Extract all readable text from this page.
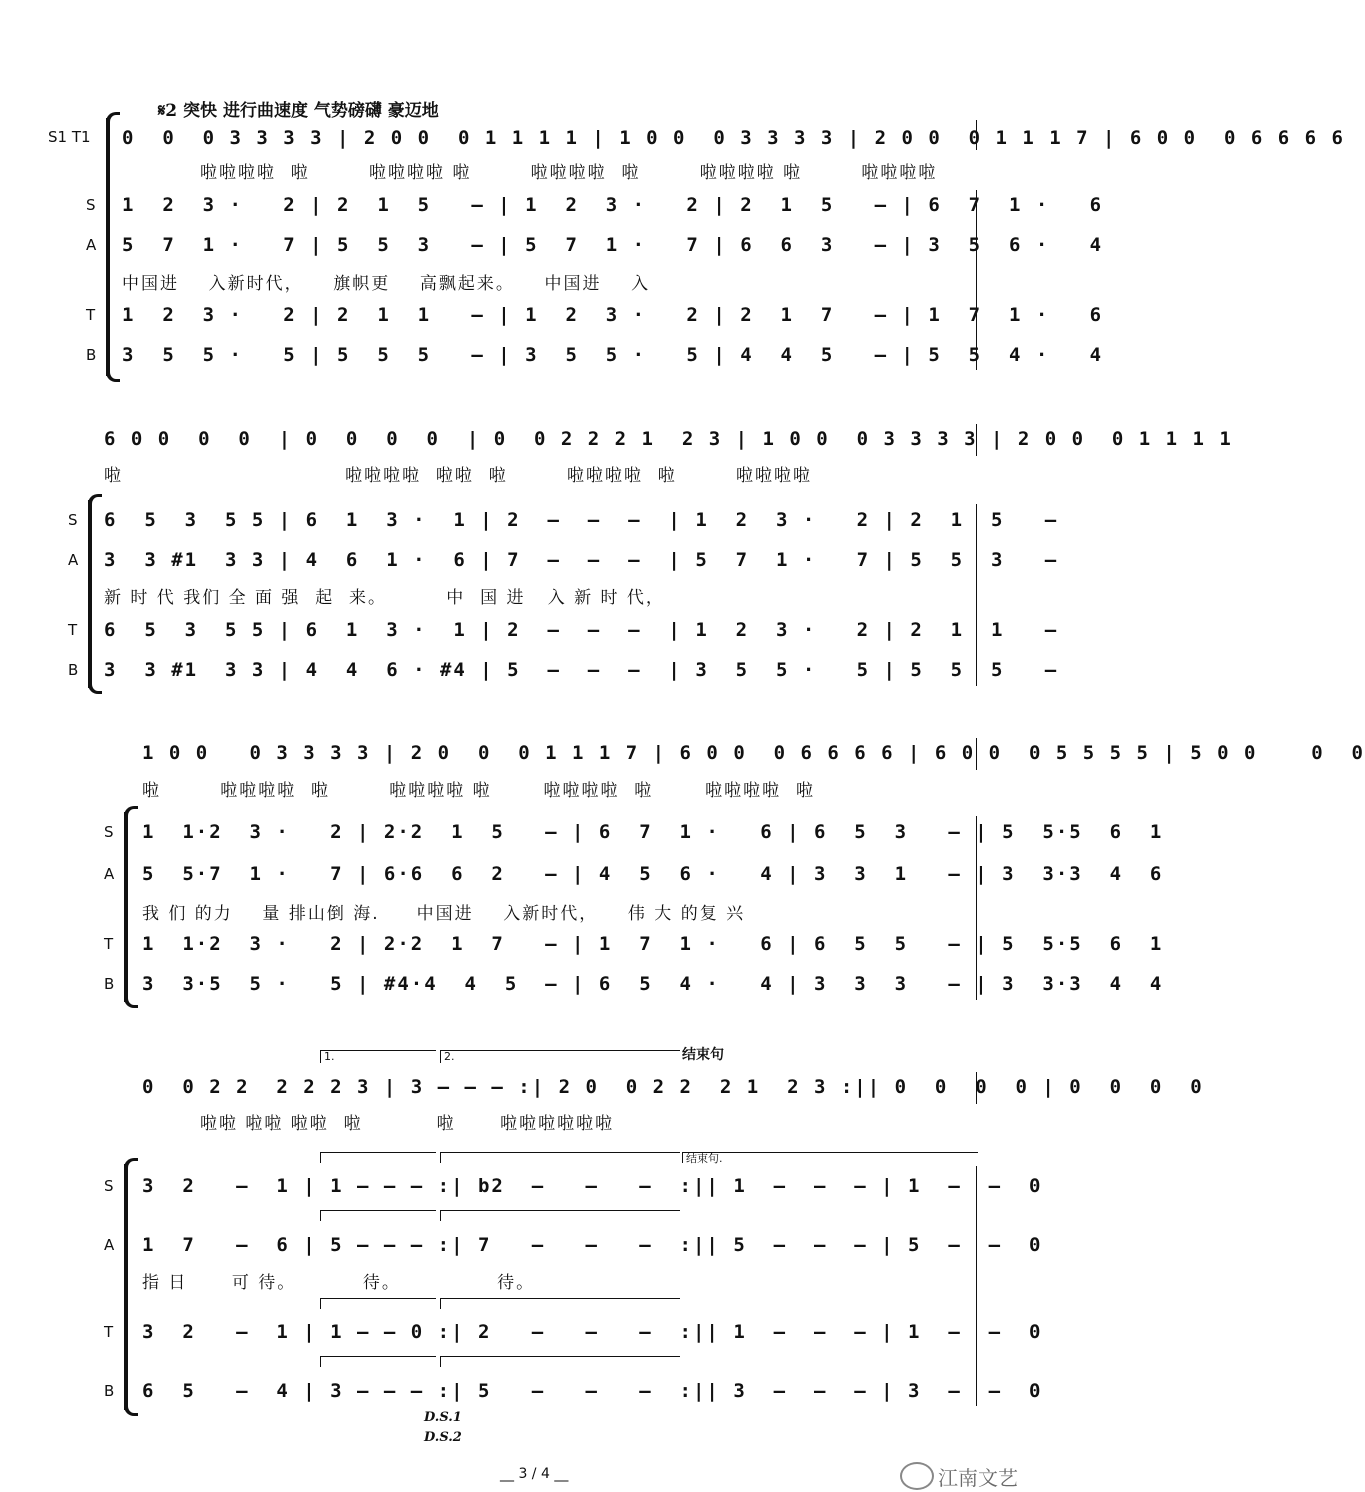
𝄋2 突快 进行曲速度 气势磅礴 豪迈地
S1 T1 0  0  0 3 3 3 3 | 2 0 0  0 1 1 1 1 | 1 0 0  0 3 3 3 3 | 2 0 0  0 1 1 1 7 | 6 0 0  0 6 6 6 6
啦啦啦啦  啦        啦啦啦啦 啦        啦啦啦啦  啦        啦啦啦啦 啦        啦啦啦啦
S 1  2  3 ·   2 | 2  1  5   – | 1  2  3 ·   2 | 2  1  5   – | 6  7  1 ·   6
A 5  7  1 ·   7 | 5  5  3   – | 5  7  1 ·   7 | 6  6  3   – | 3  5  6 ·   4
中国进    入新时代，    旗帜更    高飘起来。    中国进    入
T 1  2  3 ·   2 | 2  1  1   – | 1  2  3 ·   2 | 2  1  7   – | 1  7  1 ·   6
B 3  5  5 ·   5 | 5  5  5   – | 3  5  5 ·   5 | 4  4  5   – | 5  5  4 ·   4
6 0 0  0  0  | 0  0  0  0  | 0  0 2 2 2 1  2 3 | 1 0 0  0 3 3 3 3 | 2 0 0  0 1 1 1 1
啦                              啦啦啦啦  啦啦  啦        啦啦啦啦  啦        啦啦啦啦
S 6  5  3  5 5 | 6  1  3 ·  1 | 2  –  –  –  | 1  2  3 ·   2 | 2  1  5   –
A 3  3 #1  3 3 | 4  6  1 ·  6 | 7  –  –  –  | 5  7  1 ·   7 | 5  5  3   –
新 时 代 我们 全 面 强  起  来。        中  国 进   入 新 时 代，
T 6  5  3  5 5 | 6  1  3 ·  1 | 2  –  –  –  | 1  2  3 ·   2 | 2  1  1   –
B 3  3 #1  3 3 | 4  4  6 · #4 | 5  –  –  –  | 3  5  5 ·   5 | 5  5  5   –
1 0 0   0 3 3 3 3 | 2 0  0  0 1 1 1 7 | 6 0 0  0 6 6 6 6 | 6 0 0  0 5 5 5 5 | 5 0 0    0  0
啦        啦啦啦啦  啦        啦啦啦啦 啦       啦啦啦啦  啦       啦啦啦啦  啦
S 1  1·2  3 ·   2 | 2·2  1  5   – | 6  7  1 ·   6 | 6  5  3   – | 5  5·5  6  1
A 5  5·7  1 ·   7 | 6·6  6  2   – | 4  5  6 ·   4 | 3  3  1   – | 3  3·3  4  6
我 们 的力    量 排山倒 海.     中国进    入新时代，    伟 大 的复 兴
T 1  1·2  3 ·   2 | 2·2  1  7   – | 1  7  1 ·   6 | 6  5  5   – | 5  5·5  6  1
B 3  3·5  5 ·   5 | #4·4  4  5  – | 6  5  4 ·   4 | 3  3  3   – | 3  3·3  4  4
1.	2.	结束句
0  0 2 2  2 2 2 3 | 3 – – – :| 2 0  0 2 2  2 1  2 3 :|| 0  0  0  0 | 0  0  0  0
啦啦 啦啦 啦啦  啦          啦      啦啦啦啦啦啦
结束句.
S 3  2   –  1 | 1 – – – :| b2  –   –   –  :|| 1  –  –  – | 1  –  –  0
A 1  7   –  6 | 5 – – – :| 7   –   –   –  :|| 5  –  –  – | 5  –  –  0
指 日      可 待。         待。             待。
T 3  2   –  1 | 1 – – 0 :| 2   –   –   –  :|| 1  –  –  – | 1  –  –  0
B 6  5   –  4 | 3 – – – :| 5   –   –   –  :|| 3  –  –  – | 3  –  –  0
D.S.1
D.S.2
__ 3 / 4 __	江南文艺
